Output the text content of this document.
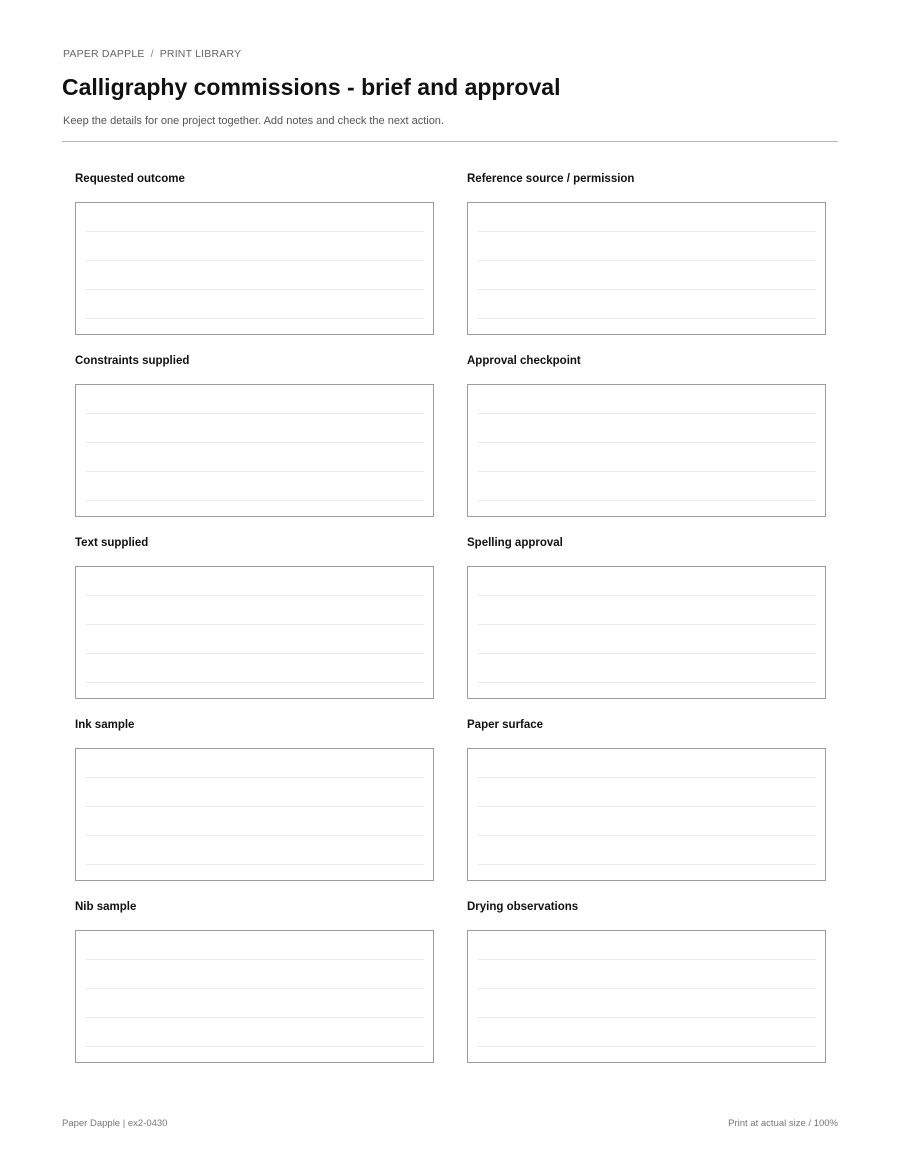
PAPER DAPPLE / PRINT LIBRARY
Calligraphy commissions - brief and approval

Keep the details for one project together. Add notes and check the next action.

Requested outcome	Reference source / permission
Constraints supplied	Approval checkpoint
Text supplied	Spelling approval
Ink sample	Paper surface
Nib sample	Drying observations
Paper Dapple | ex2-0430	Print at actual size / 100%
